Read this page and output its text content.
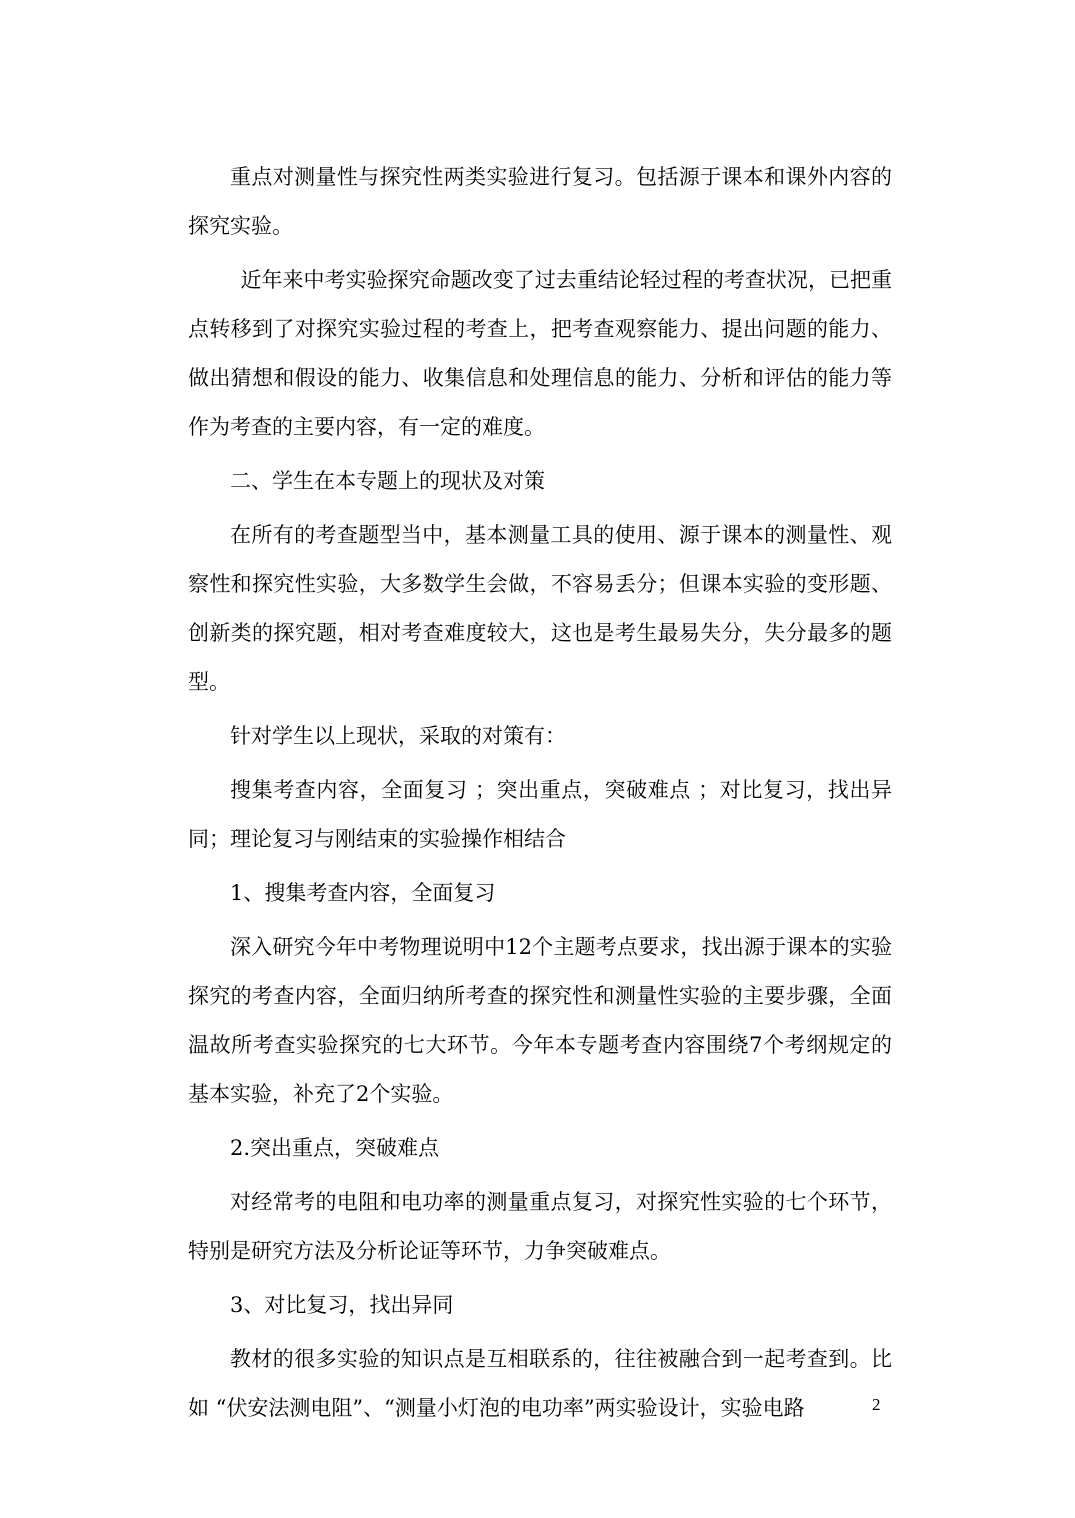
重点对测量性与探究性两类实验进行复习。包括源于课本和课外内容的探究实验。

近年来中考实验探究命题改变了过去重结论轻过程的考查状况，已把重点转移到了对探究实验过程的考查上，把考查观察能力、提出问题的能力、做出猜想和假设的能力、收集信息和处理信息的能力、分析和评估的能力等作为考查的主要内容，有一定的难度。

二、学生在本专题上的现状及对策

在所有的考查题型当中，基本测量工具的使用、源于课本的测量性、观察性和探究性实验，大多数学生会做，不容易丢分；但课本实验的变形题、创新类的探究题，相对考查难度较大，这也是考生最易失分，失分最多的题型。

针对学生以上现状，采取的对策有：

搜集考查内容，全面复习 ；突出重点，突破难点 ；对比复习，找出异同；理论复习与刚结束的实验操作相结合

1、搜集考查内容，全面复习

深入研究今年中考物理说明中12个主题考点要求，找出源于课本的实验探究的考查内容，全面归纳所考查的探究性和测量性实验的主要步骤，全面温故所考查实验探究的七大环节。今年本专题考查内容围绕7个考纲规定的基本实验，补充了2个实验。

2.突出重点，突破难点

对经常考的电阻和电功率的测量重点复习，对探究性实验的七个环节，特别是研究方法及分析论证等环节，力争突破难点。

3、对比复习，找出异同

教材的很多实验的知识点是互相联系的，往往被融合到一起考查到。比如 “伏安法测电阻”、“测量小灯泡的电功率”两实验设计，实验电路	2
